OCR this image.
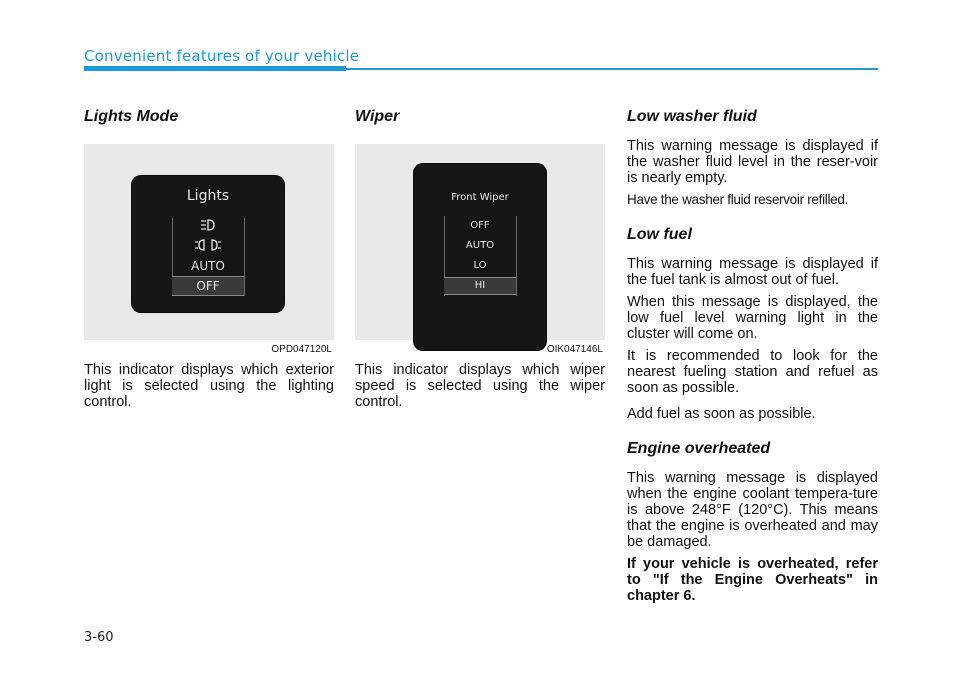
Convenient features of your vehicle
Lights Mode
Lights
AUTO
OFF
OPD047120L

This indicator displays which exterior light is selected using the lighting control.

Wiper
Front Wiper
OFF
AUTO
LO
HI
OIK047146L

This indicator displays which wiper speed is selected using the wiper control.

Low washer fluid

This warning message is displayed if the washer fluid level in the reser-voir is nearly empty.

Have the washer fluid reservoir refilled.

Low fuel

This warning message is displayed if the fuel tank is almost out of fuel.

When this message is displayed, the low fuel level warning light in the cluster will come on.

It is recommended to look for the nearest fueling station and refuel as soon as possible.

Add fuel as soon as possible.

Engine overheated

This warning message is displayed when the engine coolant tempera-ture is above 248°F (120°C). This means that the engine is overheated and may be damaged.

If your vehicle is overheated, refer to "If the Engine Overheats" in chapter 6.

3-60
